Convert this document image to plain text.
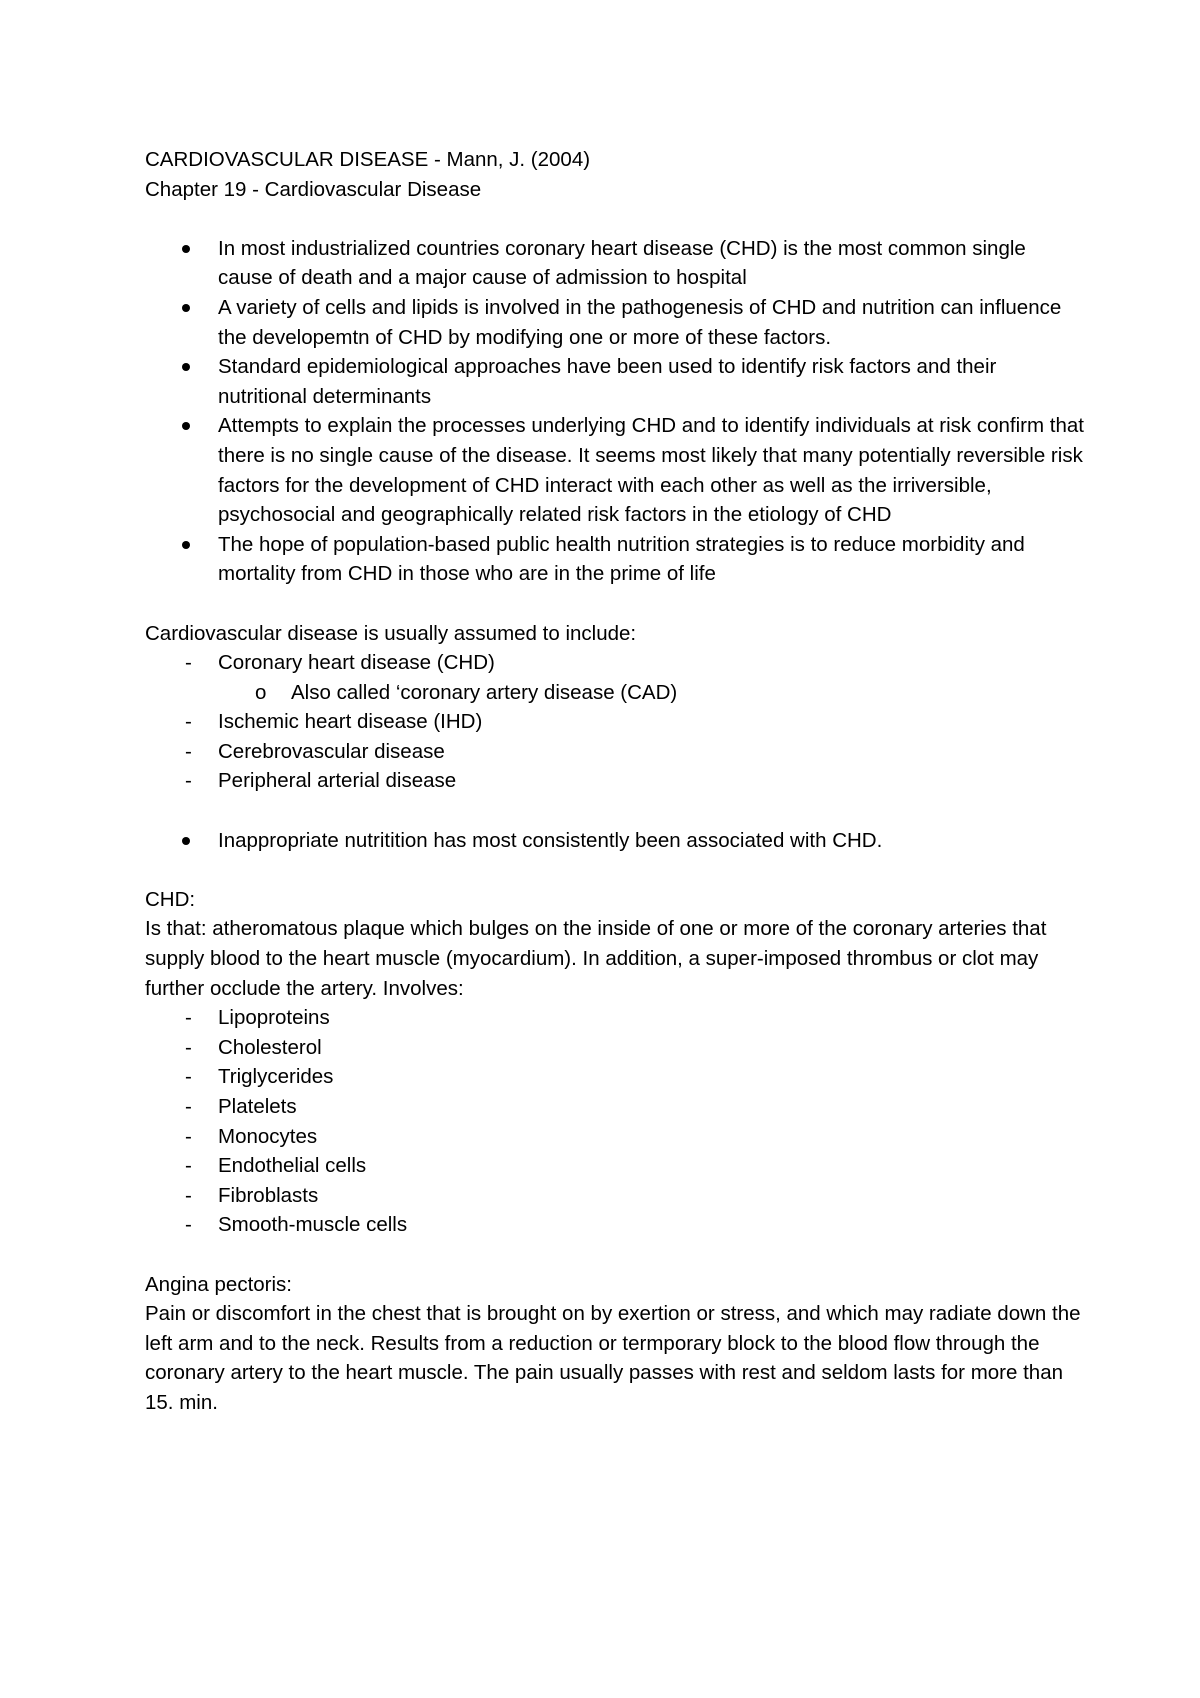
CARDIOVASCULAR DISEASE - Mann, J. (2004)
Chapter 19 - Cardiovascular Disease
In most industrialized countries coronary heart disease (CHD) is the most common single cause of death and a major cause of admission to hospital
A variety of cells and lipids is involved in the pathogenesis of CHD and nutrition can influence the developemtn of CHD by modifying one or more of these factors.
Standard epidemiological approaches have been used to identify risk factors and their nutritional determinants
Attempts to explain the processes underlying CHD and to identify individuals at risk confirm that there is no single cause of the disease. It seems most likely that many potentially reversible risk factors for the development of CHD interact with each other as well as the irriversible, psychosocial and geographically related risk factors in the etiology of CHD
The hope of population-based public health nutrition strategies is to reduce morbidity and mortality from CHD in those who are in the prime of life
Cardiovascular disease is usually assumed to include:
- Coronary heart disease (CHD)
o Also called ‘coronary artery disease (CAD)
- Ischemic heart disease (IHD)
- Cerebrovascular disease
- Peripheral arterial disease
Inappropriate nutritition has most consistently been associated with CHD.
CHD:
Is that: atheromatous plaque which bulges on the inside of one or more of the coronary arteries that supply blood to the heart muscle (myocardium). In addition, a super-imposed thrombus or clot may further occlude the artery. Involves:
- Lipoproteins
- Cholesterol
- Triglycerides
- Platelets
- Monocytes
- Endothelial cells
- Fibroblasts
- Smooth-muscle cells
Angina pectoris:
Pain or discomfort in the chest that is brought on by exertion or stress, and which may radiate down the left arm and to the neck. Results from a reduction or termporary block to the blood flow through the coronary artery to the heart muscle. The pain usually passes with rest and seldom lasts for more than 15. min.
